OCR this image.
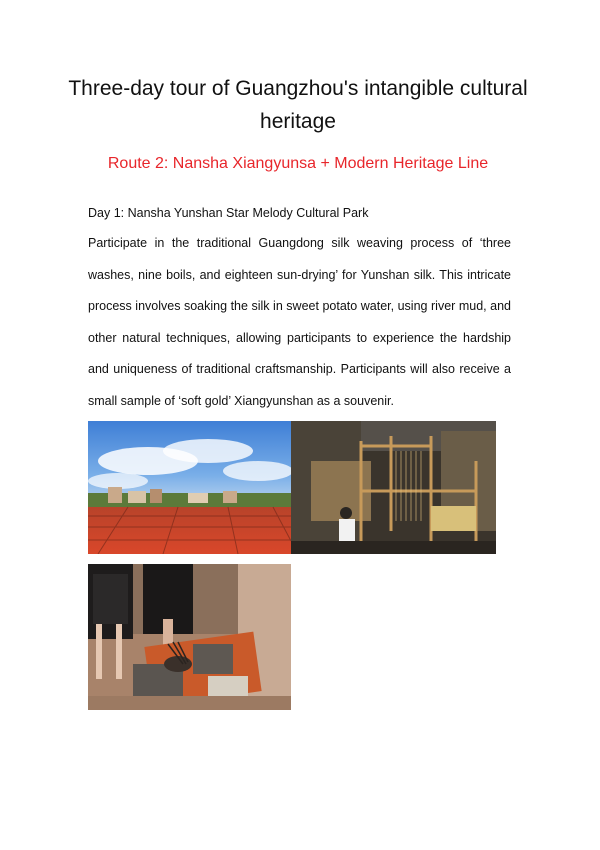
Three-day tour of Guangzhou's intangible cultural heritage
Route 2: Nansha Xiangyunsa + Modern Heritage Line
Day 1: Nansha Yunshan Star Melody Cultural Park
Participate in the traditional Guangdong silk weaving process of ‘three washes, nine boils, and eighteen sun-drying’ for Yunshan silk. This intricate process involves soaking the silk in sweet potato water, using river mud, and other natural techniques, allowing participants to experience the hardship and uniqueness of traditional craftsmanship. Participants will also receive a small sample of ‘soft gold’ Xiangyunshan as a souvenir.
